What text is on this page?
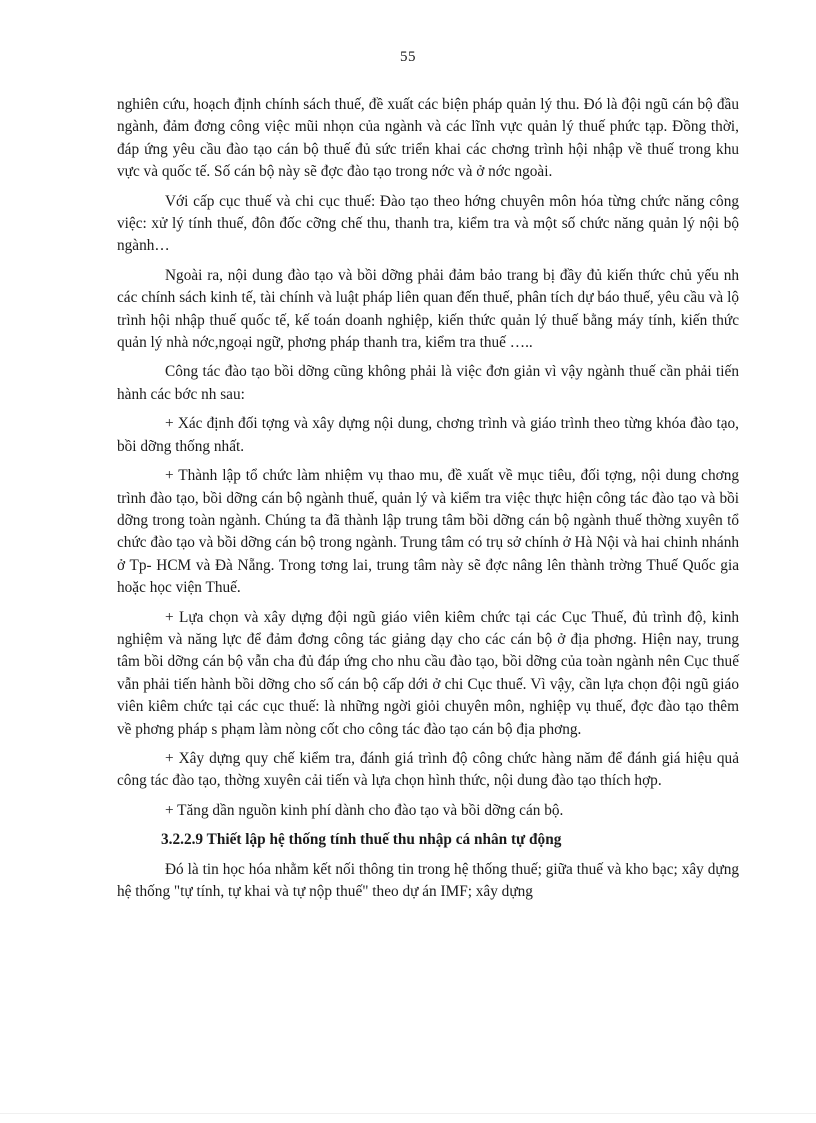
55

nghiên cứu, hoạch định chính sách thuế, đề xuất các biện pháp quản lý thu. Đó là đội ngũ cán bộ đầu ngành, đảm đơng công việc mũi nhọn của ngành và các lĩnh vực quản lý thuế phức tạp. Đồng thời, đáp ứng yêu cầu đào tạo cán bộ thuế đủ sức triển khai các chơng trình hội nhập về thuế trong khu vực và quốc tế. Số cán bộ này sẽ đợc đào tạo trong nớc và ở nớc ngoài.

Với cấp cục thuế và chi cục thuế: Đào tạo theo hớng chuyên môn hóa từng chức năng công việc: xử lý tính thuế, đôn đốc cỡng chế thu, thanh tra, kiểm tra và một số chức năng quản lý nội bộ ngành…

Ngoài ra, nội dung đào tạo và bồi dỡng phải đảm bảo trang bị đầy đủ kiến thức chủ yếu nh các chính sách kinh tế, tài chính và luật pháp liên quan đến thuế, phân tích dự báo thuế, yêu cầu và lộ trình hội nhập thuế quốc tế, kế toán doanh nghiệp, kiến thức quản lý thuế bằng máy tính, kiến thức quản lý nhà nớc,ngoại ngữ, phơng pháp thanh tra, kiểm tra thuế …..

Công tác đào tạo bồi dỡng cũng không phải là việc đơn giản vì vậy ngành thuế cần phải tiến hành các bớc nh sau:

+ Xác định đối tợng và xây dựng nội dung, chơng trình và giáo trình theo từng khóa đào tạo, bồi dỡng thống nhất.

+ Thành lập tổ chức làm nhiệm vụ thao mu, đề xuất về mục tiêu, đối tợng, nội dung chơng trình đào tạo, bồi dỡng cán bộ ngành thuế, quản lý và kiểm tra việc thực hiện công tác đào tạo và bồi dỡng trong toàn ngành. Chúng ta đã thành lập trung tâm bồi dỡng cán bộ ngành thuế thờng xuyên tổ chức đào tạo và bồi dỡng cán bộ trong ngành. Trung tâm có trụ sở chính ở Hà Nội và hai chinh nhánh ở Tp- HCM và Đà Nẵng. Trong tơng lai, trung tâm này sẽ đợc nâng lên thành trờng Thuế Quốc gia hoặc học viện Thuế.

+ Lựa chọn và xây dựng đội ngũ giáo viên kiêm chức tại các Cục Thuế, đủ trình độ, kinh nghiệm và năng lực để đảm đơng công tác giảng dạy cho các cán bộ ở địa phơng. Hiện nay, trung tâm bồi dỡng cán bộ vẫn cha đủ đáp ứng cho nhu cầu đào tạo, bồi dỡng của toàn ngành nên Cục thuế vẫn phải tiến hành bồi dỡng cho số cán bộ cấp dới ở chi Cục thuế. Vì vậy, cần lựa chọn đội ngũ giáo viên kiêm chức tại các cục thuế: là những ngời giỏi chuyên môn, nghiệp vụ thuế, đợc đào tạo thêm về phơng pháp s phạm làm nòng cốt cho công tác đào tạo cán bộ địa phơng.

+ Xây dựng quy chế kiểm tra, đánh giá trình độ công chức hàng năm để đánh giá hiệu quả công tác đào tạo, thờng xuyên cải tiến và lựa chọn hình thức, nội dung đào tạo thích hợp.

+ Tăng dần nguồn kinh phí dành cho đào tạo và bồi dỡng cán bộ.

3.2.2.9 Thiết lập hệ thống tính thuế thu nhập cá nhân tự động

Đó là tin học hóa nhằm kết nối thông tin trong hệ thống thuế; giữa thuế và kho bạc; xây dựng hệ thống "tự tính, tự khai và tự nộp thuế" theo dự án IMF; xây dựng
